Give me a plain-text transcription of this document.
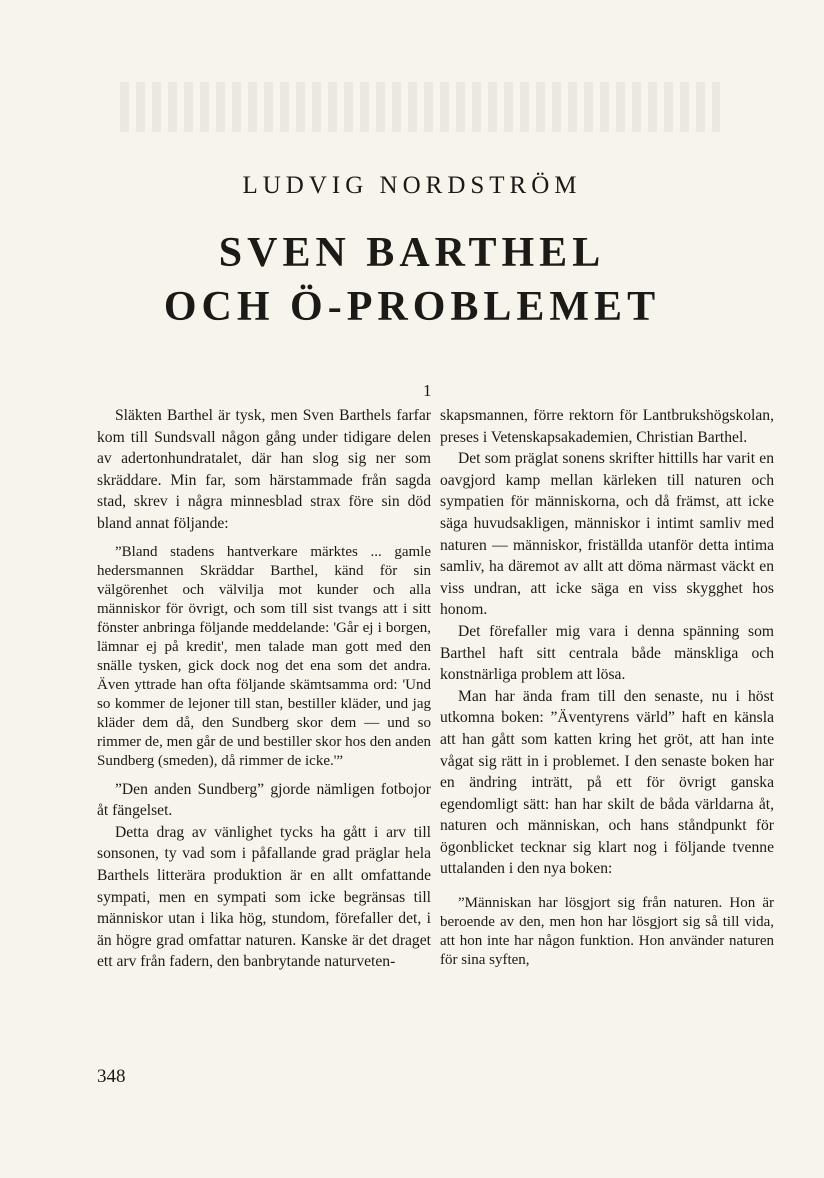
LUDVIG NORDSTRÖM
SVEN BARTHEL
OCH Ö-PROBLEMET
1

Släkten Barthel är tysk, men Sven Barthels farfar kom till Sundsvall någon gång under tidigare delen av adertonhundratalet, där han slog sig ner som skräddare. Min far, som härstammade från sagda stad, skrev i några minnesblad strax före sin död bland annat följande:

”Bland stadens hantverkare märktes ... gamle hedersmannen Skräddar Barthel, känd för sin välgörenhet och välvilja mot kunder och alla människor för övrigt, och som till sist tvangs att i sitt fönster anbringa följande meddelande: 'Går ej i borgen, lämnar ej på kredit', men talade man gott med den snälle tysken, gick dock nog det ena som det andra. Även yttrade han ofta följande skämtsamma ord: 'Und so kommer de lejoner till stan, bestiller kläder, und jag kläder dem då, den Sundberg skor dem — und so rimmer de, men går de und bestiller skor hos den anden Sundberg (smeden), då rimmer de icke.'”

”Den anden Sundberg” gjorde nämligen fotbojor åt fängelset.

Detta drag av vänlighet tycks ha gått i arv till sonsonen, ty vad som i påfallande grad präglar hela Barthels litterära produktion är en allt omfattande sympati, men en sympati som icke begränsas till människor utan i lika hög, stundom, förefaller det, i än högre grad omfattar naturen. Kanske är det draget ett arv från fadern, den banbrytande naturveten-

skapsmannen, förre rektorn för Lantbrukshögskolan, preses i Vetenskapsakademien, Christian Barthel.

Det som präglat sonens skrifter hittills har varit en oavgjord kamp mellan kärleken till naturen och sympatien för människorna, och då främst, att icke säga huvudsakligen, människor i intimt samliv med naturen — människor, friställda utanför detta intima samliv, ha däremot av allt att döma närmast väckt en viss undran, att icke säga en viss skygghet hos honom.

Det förefaller mig vara i denna spänning som Barthel haft sitt centrala både mänskliga och konstnärliga problem att lösa.

Man har ända fram till den senaste, nu i höst utkomna boken: ”Äventyrens värld” haft en känsla att han gått som katten kring het gröt, att han inte vågat sig rätt in i problemet. I den senaste boken har en ändring inträtt, på ett för övrigt ganska egendomligt sätt: han har skilt de båda världarna åt, naturen och människan, och hans ståndpunkt för ögonblicket tecknar sig klart nog i följande tvenne uttalanden i den nya boken:

”Människan har lösgjort sig från naturen. Hon är beroende av den, men hon har lösgjort sig så till vida, att hon inte har någon funktion. Hon använder naturen för sina syften,

348
